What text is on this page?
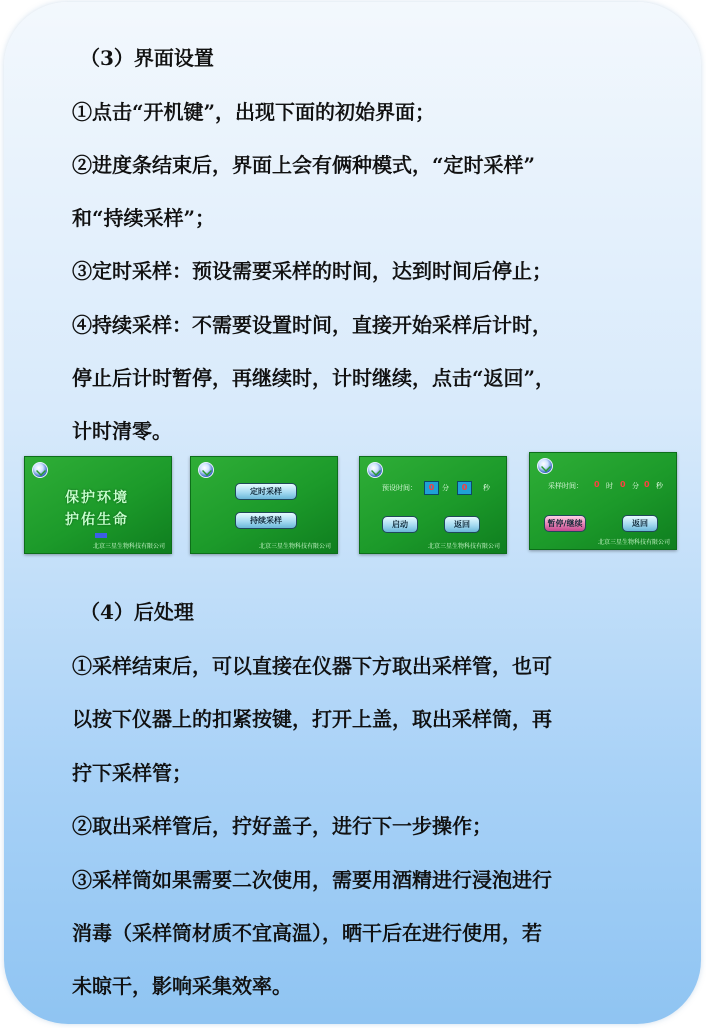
（3）界面设置
①点击“开机键”，出现下面的初始界面；
②进度条结束后，界面上会有俩种模式，“定时采样”
和“持续采样”；
③定时采样：预设需要采样的时间，达到时间后停止；
④持续采样：不需要设置时间，直接开始采样后计时，
停止后计时暂停，再继续时，计时继续，点击“返回”，
计时清零。
保护环境
护佑生命
北京三星生物科技有限公司
定时采样
持续采样
北京三星生物科技有限公司
预设时间：	0	分	0	秒
启动	返回
北京三星生物科技有限公司
采样时间： 0 时 0 分 0 秒
暂停/继续	返回
北京三星生物科技有限公司
（4）后处理
①采样结束后，可以直接在仪器下方取出采样管，也可
以按下仪器上的扣紧按键，打开上盖，取出采样筒，再
拧下采样管；
②取出采样管后，拧好盖子，进行下一步操作；
③采样筒如果需要二次使用，需要用酒精进行浸泡进行
消毒（采样筒材质不宜高温），晒干后在进行使用，若
未晾干，影响采集效率。
